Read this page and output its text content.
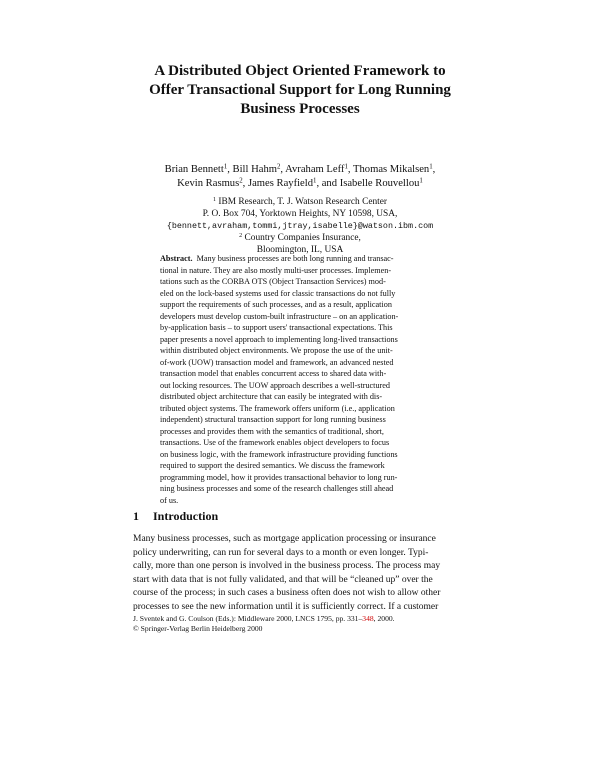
A Distributed Object Oriented Framework to
Offer Transactional Support for Long Running
Business Processes
Brian Bennett$^1$, Bill Hahm$^2$, Avraham Leff$^1$, Thomas Mikalsen$^1$,
Kevin Rasmus$^2$, James Rayfield$^1$, and Isabelle Rouvellou$^1$
$^1$ IBM Research, T. J. Watson Research Center
P. O. Box 704, Yorktown Heights, NY 10598, USA,
{bennett,avraham,tommi,jtray,isabelle}@watson.ibm.com
$^2$ Country Companies Insurance,
Bloomington, IL, USA
Abstract. Many business processes are both long running and transac-
tional in nature. They are also mostly multi-user processes. Implemen-
tations such as the CORBA OTS (Object Transaction Services) mod-
eled on the lock-based systems used for classic transactions do not fully
support the requirements of such processes, and as a result, application
developers must develop custom-built infrastructure – on an application-
by-application basis – to support users' transactional expectations. This
paper presents a novel approach to implementing long-lived transactions
within distributed object environments. We propose the use of the unit-
of-work (UOW) transaction model and framework, an advanced nested
transaction model that enables concurrent access to shared data with-
out locking resources. The UOW approach describes a well-structured
distributed object architecture that can easily be integrated with dis-
tributed object systems. The framework offers uniform (i.e., application
independent) structural transaction support for long running business
processes and provides them with the semantics of traditional, short,
transactions. Use of the framework enables object developers to focus
on business logic, with the framework infrastructure providing functions
required to support the desired semantics. We discuss the framework
programming model, how it provides transactional behavior to long run-
ning business processes and some of the research challenges still ahead
of us.
1 Introduction
Many business processes, such as mortgage application processing or insurance
policy underwriting, can run for several days to a month or even longer. Typi-
cally, more than one person is involved in the business process. The process may
start with data that is not fully validated, and that will be “cleaned up” over the
course of the process; in such cases a business often does not wish to allow other
processes to see the new information until it is sufficiently correct. If a customer
J. Sventek and G. Coulson (Eds.): Middleware 2000, LNCS 1795, pp. 331–348, 2000.
© Springer-Verlag Berlin Heidelberg 2000
